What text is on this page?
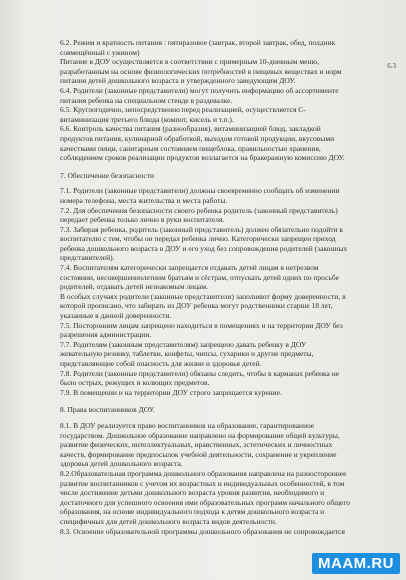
6.3
6.2. Режим и кратность питания : пятиразовое (завтрак, второй завтрак, обед, полдник
совмещённый с ужином)
Питание в ДОУ осуществляется в соответствии с примерным 10-дневным меню,
разработанным на основе физиологических потребностей в пищевых веществах и норм
питания детей дошкольного возраста и утвержденного заведующим ДОУ.
6.4. Родители (законные представители) могут получить информацию об ассортименте
питания ребенка на специальном стенде в раздевалке.
6.5. Круглогодично, непосредственно перед реализацией, осуществляется С-
витаминизация третьего блюда (компот, кисель и т.п.).
6.6. Контроль качества питания (разнообразия), витаминизацией блюд, закладкой
продуктов питания, кулинарной обработкой, выходом готовой продукции, вкусовыми
качествами пищи, санитарным состоянием пищеблока, правильностью хранения,
соблюдением сроков реализации продуктов возлагается на бракеражную комиссию ДОУ.
7. Обеспечение безопасности
7.1. Родители (законные представители) должны своевременно сообщать об изменении
номера телефона, места жительства и места работы.
7.2. Для обеспечения безопасности своего ребенка родитель (законный представитель)
передает ребенка только лично в руки воспитателя.
7.3. Забирая ребенка, родитель (законный представитель) должен обязательно подойти к
воспитателю с тем, чтобы он передал ребенка лично. Категорически запрещен приход
ребенка дошкольного возраста в ДОУ и его уход без сопровождения родителей (законных
представителей).
7.4. Воспитателям категорически запрещается отдавать детей лицам в нетрезвом
состоянии, несовершеннолетним братьям и сёстрам, отпускать детей одних по просьбе
родителей, отдавать детей незнакомым лицам.
В особых случаях родители (законные представители) заполняют форму доверенности, в
которой прописано, что забирать из ДОУ ребенка могут родственники старше 18 лет,
указанные в данной доверенности.
7.5. Посторонним лицам запрещено находиться в помещениях и на территории ДОУ без
разрешения администрации.
7.7. Родителям (законным представителям) запрещено давать ребенку в ДОУ
жевательную резинку, таблетки, конфеты, чипсы, сухарики и другие предметы,
представляющие собой опасность для жизни и здоровья детей.
7.8. Родители (законные представители) обязаны следить, чтобы в карманах ребенка не
было острых, режущих и колющих предметов.
7.9. В помещении и на территории ДОУ строго запрещается курение.
8. Права воспитанников ДОУ.
8.1. В ДОУ реализуется право воспитанников на образование, гарантированное
государством. Дошкольное образование направлено на формирование общей культуры,
развитие физических, интеллектуальных, нравственных, эстетических и личностных
качеств, формирование предпосылок учебной деятельности, сохранение и укрепление
здоровья детей дошкольного возраста.
8.2.Образовательная программа дошкольного образования направлена на разностороннее
развитие воспитанников с учетом их возрастных и индивидуальных особенностей, в том
числе достижение детьми дошкольного возраста уровня развития, необходимого и
достаточного для успешного освоения ими образовательных программ начального общего
образования, на основе индивидуального подхода к детям дошкольного возраста и
специфичных для детей дошкольного возраста видов деятельности.
8.3. Освоение образовательной программы дошкольного образования не сопровождается
MAAM.RU
